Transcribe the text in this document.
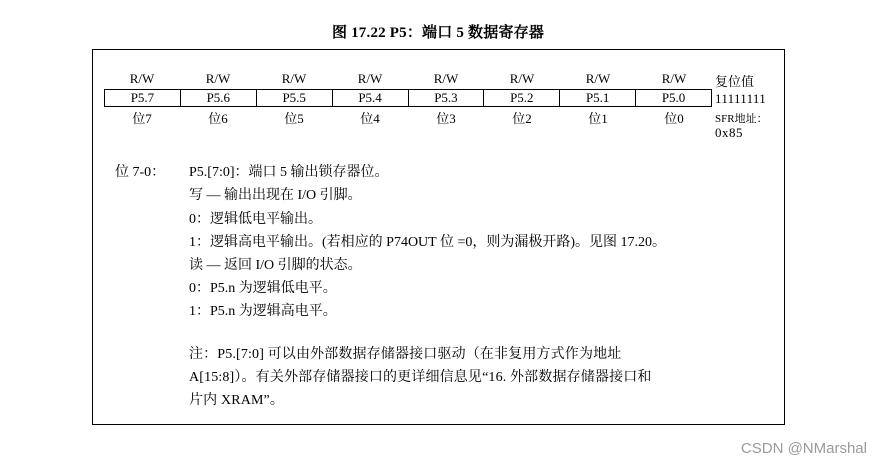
图 17.22 P5：端口 5 数据寄存器
R/W	R/W	R/W	R/W	R/W	R/W	R/W	R/W	复位值
P5.7	P5.6	P5.5	P5.4	P5.3	P5.2	P5.1	P5.0	11111111
位7	位6	位5	位4	位3	位2	位1	位0	SFR地址：
0x85
位 7-0： P5.[7:0]：端口 5 输出锁存器位。
写 — 输出出现在 I/O 引脚。
0：逻辑低电平输出。
1：逻辑高电平输出。(若相应的 P74OUT 位 =0，则为漏极开路)。见图 17.20。
读 — 返回 I/O 引脚的状态。
0：P5.n 为逻辑低电平。
1：P5.n 为逻辑高电平。
注：P5.[7:0] 可以由外部数据存储器接口驱动（在非复用方式作为地址
A[15:8]）。有关外部存储器接口的更详细信息见“16. 外部数据存储器接口和
片内 XRAM”。
CSDN @NMarshal
